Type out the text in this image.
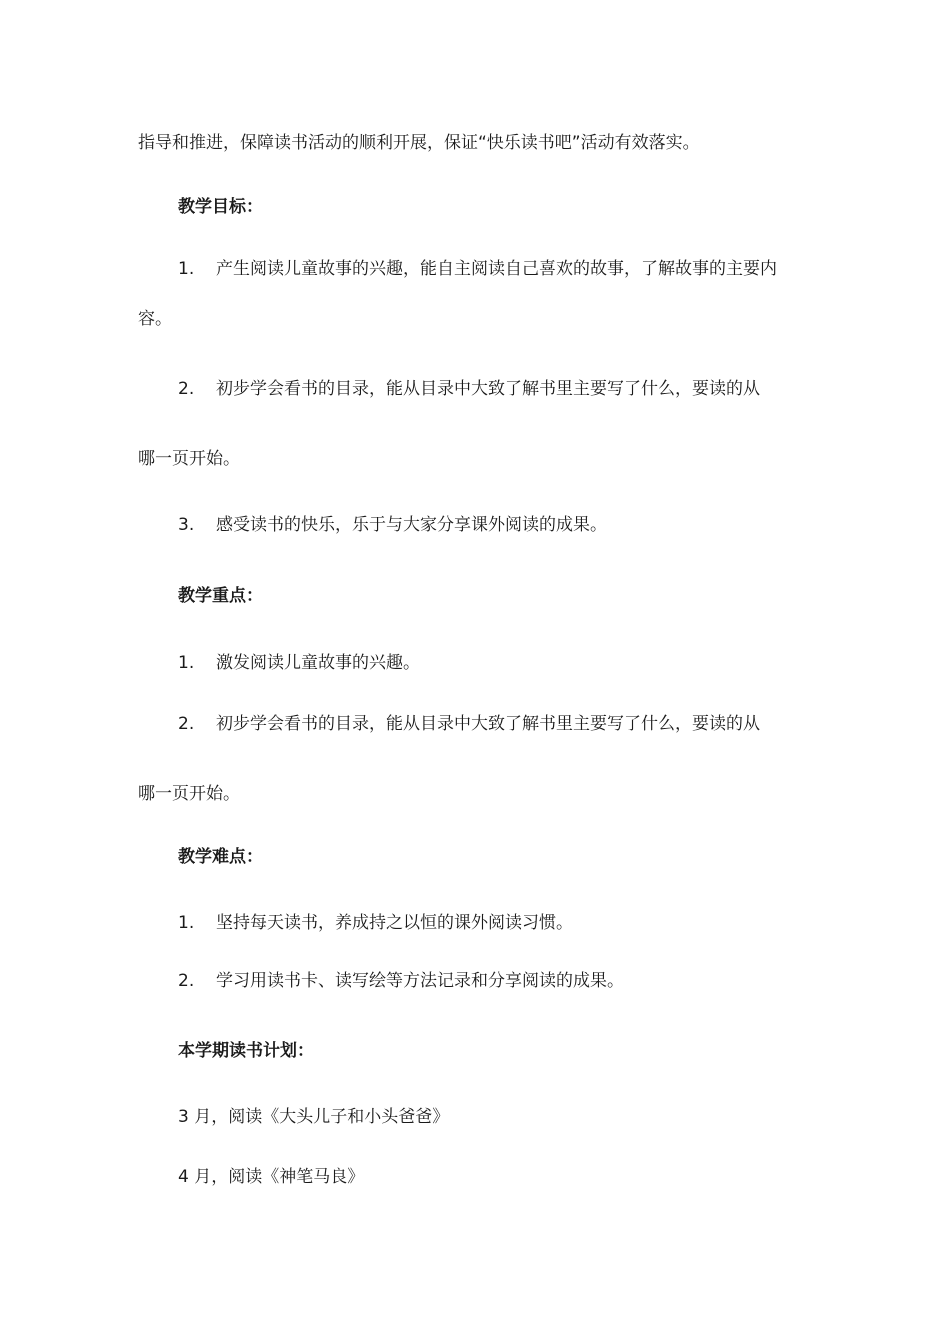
指导和推进，保障读书活动的顺利开展，保证“快乐读书吧”活动有效落实。
教学目标：
1. 产生阅读儿童故事的兴趣，能自主阅读自己喜欢的故事，了解故事的主要内
容。
2. 初步学会看书的目录，能从目录中大致了解书里主要写了什么，要读的从
哪一页开始。
3. 感受读书的快乐，乐于与大家分享课外阅读的成果。
教学重点：
1. 激发阅读儿童故事的兴趣。
2. 初步学会看书的目录，能从目录中大致了解书里主要写了什么，要读的从
哪一页开始。
教学难点：
1. 坚持每天读书，养成持之以恒的课外阅读习惯。
2. 学习用读书卡、读写绘等方法记录和分享阅读的成果。
本学期读书计划：
3 月，阅读《大头儿子和小头爸爸》
4 月，阅读《神笔马良》
